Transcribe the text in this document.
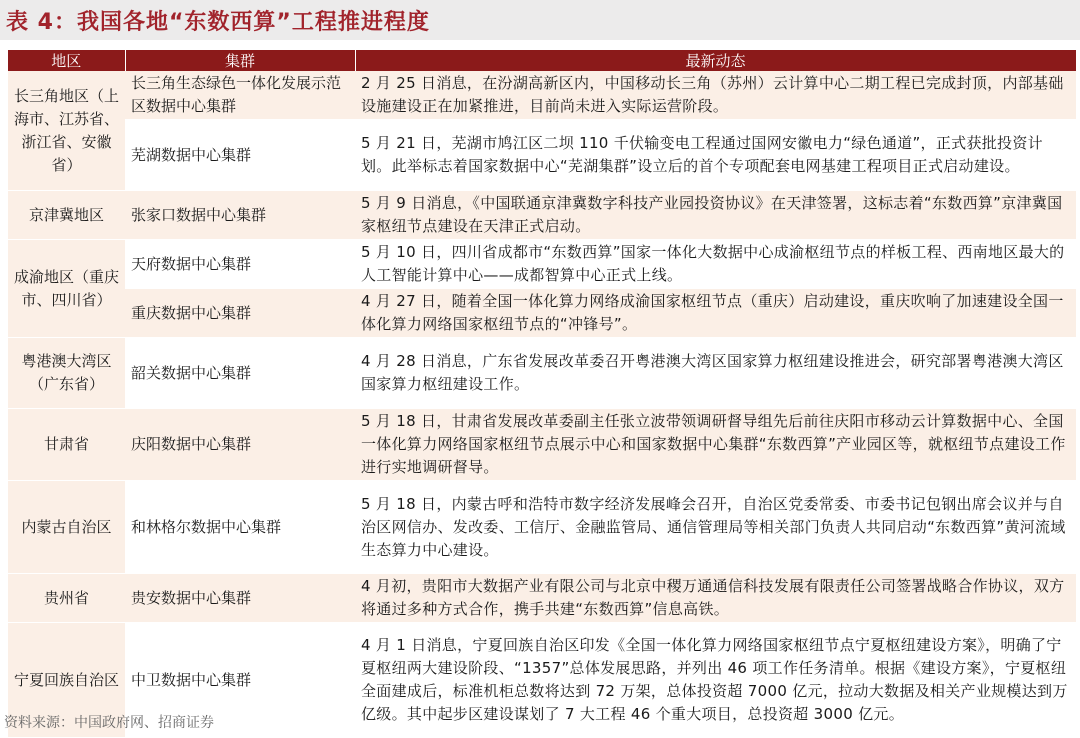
表 4：我国各地“东数西算”工程推进程度
地区	集群	最新动态
长三角地区（上海市、江苏省、浙江省、安徽省）	长三角生态绿色一体化发展示范区数据中心集群	2 月 25 日消息，在汾湖高新区内，中国移动长三角（苏州）云计算中心二期工程已完成封顶，内部基础设施建设正在加紧推进，目前尚未进入实际运营阶段。
	芜湖数据中心集群	5 月 21 日，芜湖市鸠江区二坝 110 千伏输变电工程通过国网安徽电力“绿色通道”，正式获批投资计划。此举标志着国家数据中心“芜湖集群”设立后的首个专项配套电网基建工程项目正式启动建设。
京津冀地区	张家口数据中心集群	5 月 9 日消息，《中国联通京津冀数字科技产业园投资协议》在天津签署，这标志着“东数西算”京津冀国家枢纽节点建设在天津正式启动。
成渝地区（重庆市、四川省）	天府数据中心集群	5 月 10 日，四川省成都市“东数西算”国家一体化大数据中心成渝枢纽节点的样板工程、西南地区最大的人工智能计算中心——成都智算中心正式上线。
	重庆数据中心集群	4 月 27 日，随着全国一体化算力网络成渝国家枢纽节点（重庆）启动建设，重庆吹响了加速建设全国一体化算力网络国家枢纽节点的“冲锋号”。
粤港澳大湾区（广东省）	韶关数据中心集群	4 月 28 日消息，广东省发展改革委召开粤港澳大湾区国家算力枢纽建设推进会，研究部署粤港澳大湾区国家算力枢纽建设工作。
甘肃省	庆阳数据中心集群	5 月 18 日，甘肃省发展改革委副主任张立波带领调研督导组先后前往庆阳市移动云计算数据中心、全国一体化算力网络国家枢纽节点展示中心和国家数据中心集群“东数西算”产业园区等，就枢纽节点建设工作进行实地调研督导。
内蒙古自治区	和林格尔数据中心集群	5 月 18 日，内蒙古呼和浩特市数字经济发展峰会召开，自治区党委常委、市委书记包钢出席会议并与自治区网信办、发改委、工信厅、金融监管局、通信管理局等相关部门负责人共同启动“东数西算”黄河流域生态算力中心建设。
贵州省	贵安数据中心集群	4 月初，贵阳市大数据产业有限公司与北京中稷万通通信科技发展有限责任公司签署战略合作协议，双方将通过多种方式合作，携手共建“东数西算”信息高铁。
宁夏回族自治区	中卫数据中心集群	4 月 1 日消息，宁夏回族自治区印发《全国一体化算力网络国家枢纽节点宁夏枢纽建设方案》，明确了宁夏枢纽两大建设阶段、“1357”总体发展思路，并列出 46 项工作任务清单。根据《建设方案》，宁夏枢纽全面建成后，标准机柜总数将达到 72 万架，总体投资超 7000 亿元，拉动大数据及相关产业规模达到万亿级。其中起步区建设谋划了 7 大工程 46 个重大项目，总投资超 3000 亿元。
资料来源：中国政府网、招商证券
